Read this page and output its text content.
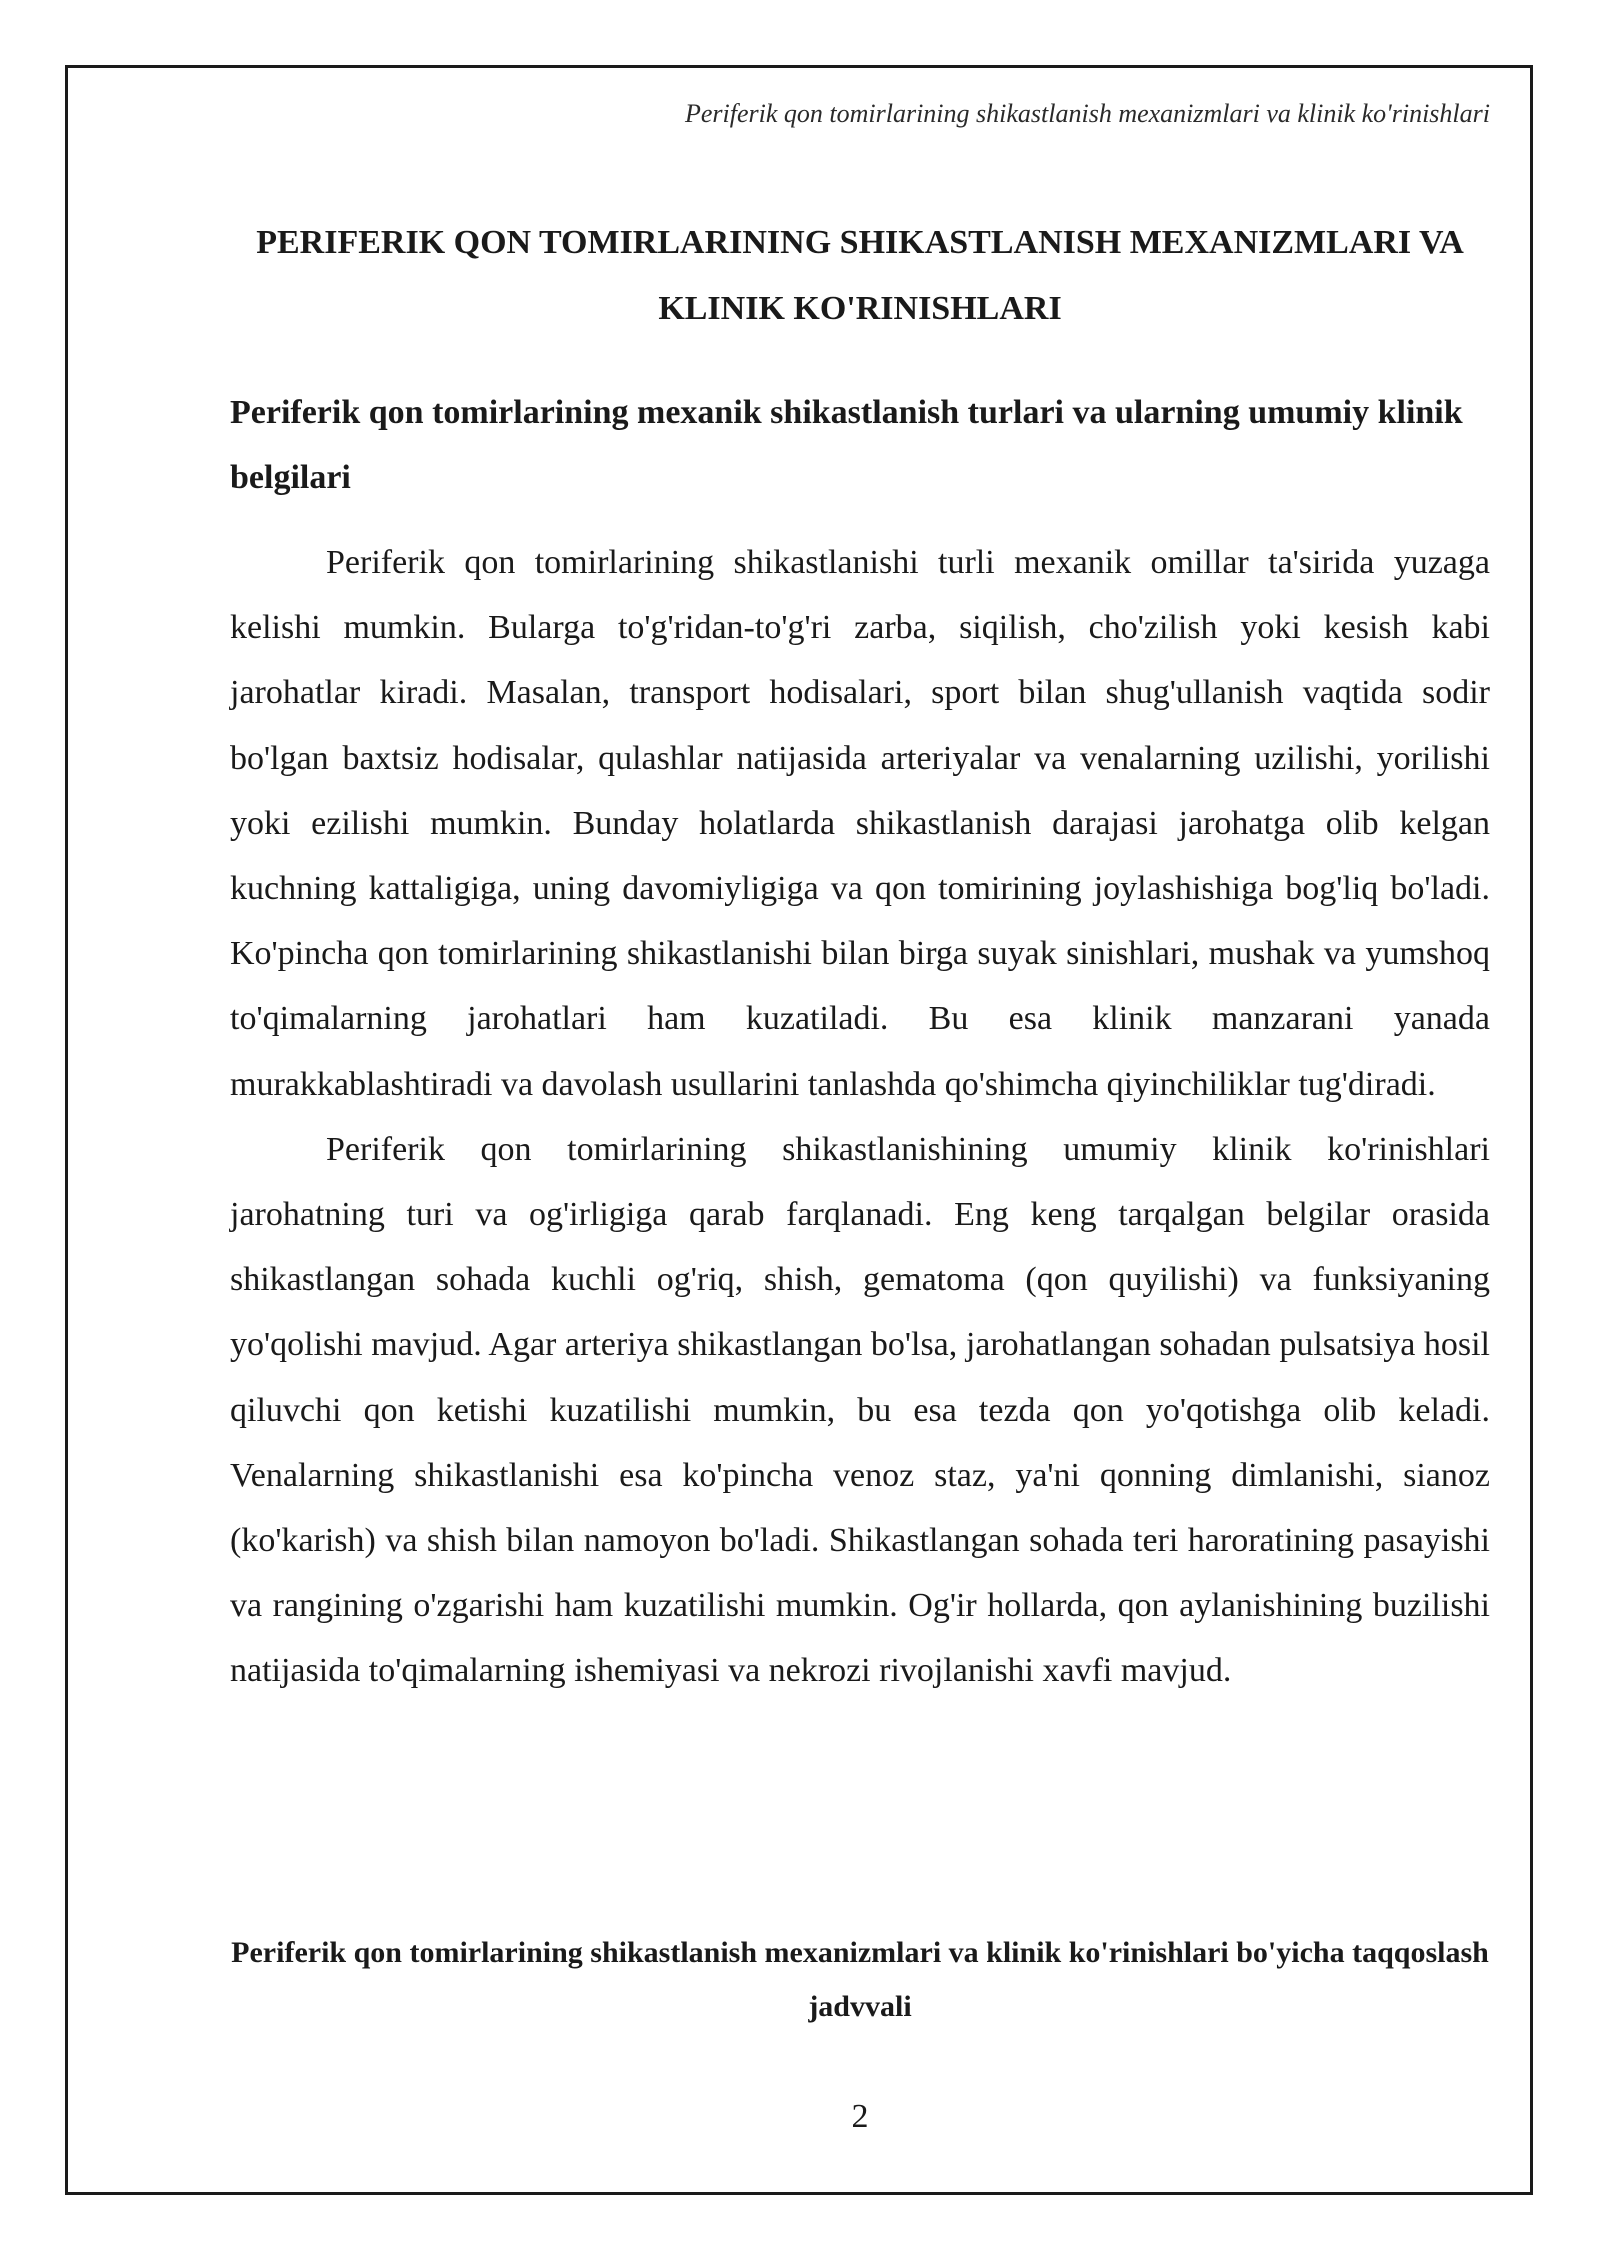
Periferik qon tomirlarining shikastlanish mexanizmlari va klinik ko'rinishlari
PERIFERIK QON TOMIRLARINING SHIKASTLANISH MEXANIZMLARI VA KLINIK KO'RINISHLARI
Periferik qon tomirlarining mexanik shikastlanish turlari va ularning umumiy klinik belgilari

Periferik qon tomirlarining shikastlanishi turli mexanik omillar ta'sirida yuzaga kelishi mumkin. Bularga to'g'ridan-to'g'ri zarba, siqilish, cho'zilish yoki kesish kabi jarohatlar kiradi. Masalan, transport hodisalari, sport bilan shug'ullanish vaqtida sodir bo'lgan baxtsiz hodisalar, qulashlar natijasida arteriyalar va venalarning uzilishi, yorilishi yoki ezilishi mumkin. Bunday holatlarda shikastlanish darajasi jarohatga olib kelgan kuchning kattaligiga, uning davomiyligiga va qon tomirining joylashishiga bog'liq bo'ladi. Ko'pincha qon tomirlarining shikastlanishi bilan birga suyak sinishlari, mushak va yumshoq to'qimalarning jarohatlari ham kuzatiladi. Bu esa klinik manzarani yanada murakkablashtiradi va davolash usullarini tanlashda qo'shimcha qiyinchiliklar tug'diradi.

Periferik qon tomirlarining shikastlanishining umumiy klinik ko'rinishlari jarohatning turi va og'irligiga qarab farqlanadi. Eng keng tarqalgan belgilar orasida shikastlangan sohada kuchli og'riq, shish, gematoma (qon quyilishi) va funksiyaning yo'qolishi mavjud. Agar arteriya shikastlangan bo'lsa, jarohatlangan sohadan pulsatsiya hosil qiluvchi qon ketishi kuzatilishi mumkin, bu esa tezda qon yo'qotishga olib keladi. Venalarning shikastlanishi esa ko'pincha venoz staz, ya'ni qonning dimlanishi, sianoz (ko'karish) va shish bilan namoyon bo'ladi. Shikastlangan sohada teri haroratining pasayishi va rangining o'zgarishi ham kuzatilishi mumkin. Og'ir hollarda, qon aylanishining buzilishi natijasida to'qimalarning ishemiyasi va nekrozi rivojlanishi xavfi mavjud.

Periferik qon tomirlarining shikastlanish mexanizmlari va klinik ko'rinishlari bo'yicha taqqoslash jadvvali

2
